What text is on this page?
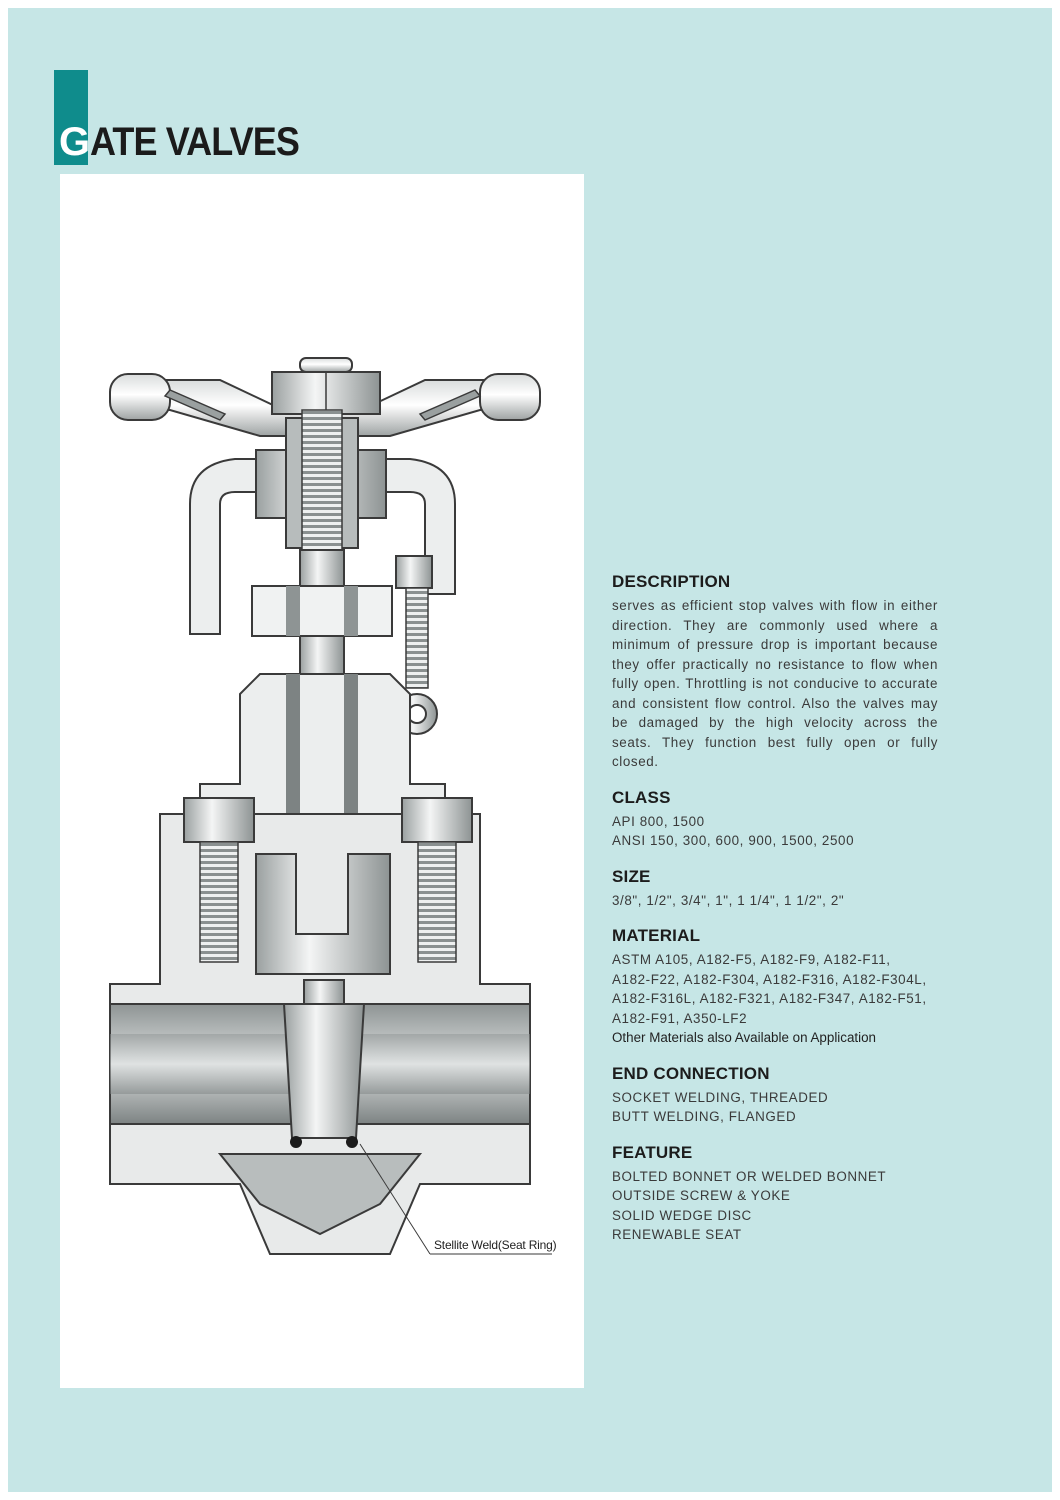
G ATE VALVES
Stellite Weld(Seat Ring)
DESCRIPTION

serves as efficient stop valves with flow in either direction. They are commonly used where a minimum of pressure drop is important because they offer practically no resistance to flow when fully open. Throttling is not conducive to accurate and consistent flow control. Also the valves may be damaged by the high velocity across the seats. They function best fully open or fully closed.

CLASS

API 800, 1500

ANSI 150, 300, 600, 900, 1500, 2500

SIZE

3/8", 1/2", 3/4", 1", 1 1/4", 1 1/2", 2"

MATERIAL

ASTM A105, A182-F5, A182-F9, A182-F11,

A182-F22, A182-F304, A182-F316, A182-F304L,

A182-F316L, A182-F321, A182-F347, A182-F51,

A182-F91, A350-LF2

Other Materials also Available on Application

END CONNECTION

SOCKET WELDING, THREADED

BUTT WELDING, FLANGED

FEATURE

BOLTED BONNET OR WELDED BONNET

OUTSIDE SCREW & YOKE

SOLID WEDGE DISC

RENEWABLE SEAT
